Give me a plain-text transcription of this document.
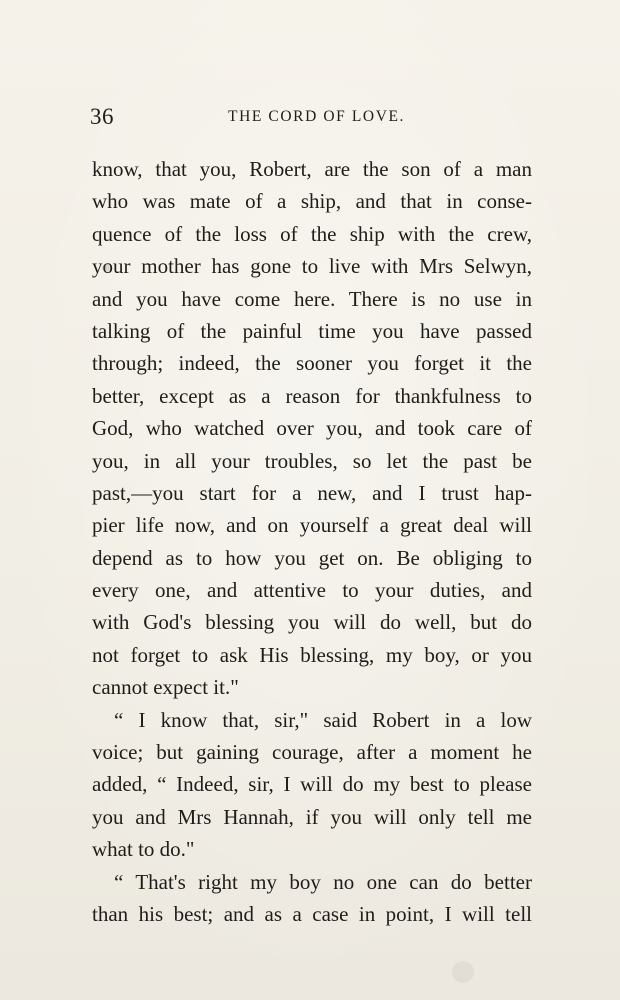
36	THE CORD OF LOVE.
know, that you, Robert, are the son of a man
who was mate of a ship, and that in conse-
quence of the loss of the ship with the crew,
your mother has gone to live with Mrs Selwyn,
and you have come here. There is no use in
talking of the painful time you have passed
through; indeed, the sooner you forget it the
better, except as a reason for thankfulness to
God, who watched over you, and took care of
you, in all your troubles, so let the past be
past,—you start for a new, and I trust hap-
pier life now, and on yourself a great deal will
depend as to how you get on. Be obliging to
every one, and attentive to your duties, and
with God's blessing you will do well, but do
not forget to ask His blessing, my boy, or you
cannot expect it."
“ I know that, sir," said Robert in a low
voice; but gaining courage, after a moment he
added, “ Indeed, sir, I will do my best to please
you and Mrs Hannah, if you will only tell me
what to do."
“ That's right my boy no one can do better
than his best; and as a case in point, I will tell
